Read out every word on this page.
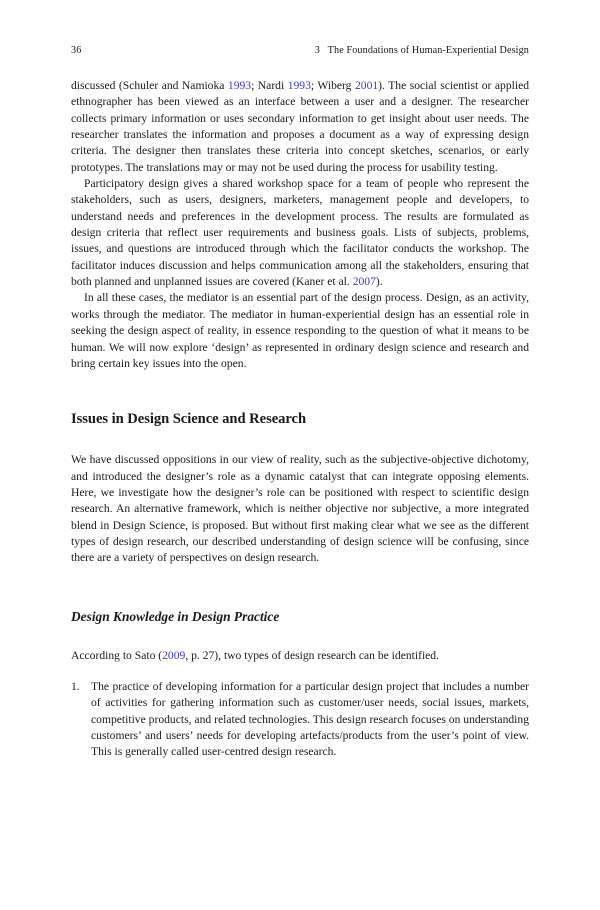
36	3   The Foundations of Human-Experiential Design

discussed (Schuler and Namioka 1993; Nardi 1993; Wiberg 2001). The social scientist or applied ethnographer has been viewed as an interface between a user and a designer. The researcher collects primary information or uses secondary information to get insight about user needs. The researcher translates the information and proposes a document as a way of expressing design criteria. The designer then translates these criteria into concept sketches, scenarios, or early prototypes. The translations may or may not be used during the process for usability testing.

Participatory design gives a shared workshop space for a team of people who represent the stakeholders, such as users, designers, marketers, management people and developers, to understand needs and preferences in the development process. The results are formulated as design criteria that reflect user requirements and business goals. Lists of subjects, problems, issues, and questions are introduced through which the facilitator conducts the workshop. The facilitator induces discussion and helps communication among all the stakeholders, ensuring that both planned and unplanned issues are covered (Kaner et al. 2007).

In all these cases, the mediator is an essential part of the design process. Design, as an activity, works through the mediator. The mediator in human-experiential design has an essential role in seeking the design aspect of reality, in essence responding to the question of what it means to be human. We will now explore ‘design’ as represented in ordinary design science and research and bring certain key issues into the open.

Issues in Design Science and Research

We have discussed oppositions in our view of reality, such as the subjective-objective dichotomy, and introduced the designer’s role as a dynamic catalyst that can integrate opposing elements. Here, we investigate how the designer’s role can be positioned with respect to scientific design research. An alternative framework, which is neither objective nor subjective, a more integrated blend in Design Science, is proposed. But without first making clear what we see as the different types of design research, our described understanding of design science will be confusing, since there are a variety of perspectives on design research.

Design Knowledge in Design Practice

According to Sato (2009, p. 27), two types of design research can be identified.

1. The practice of developing information for a particular design project that includes a number of activities for gathering information such as customer/user needs, social issues, markets, competitive products, and related technologies. This design research focuses on understanding customers’ and users’ needs for developing artefacts/products from the user’s point of view. This is generally called user-centred design research.
